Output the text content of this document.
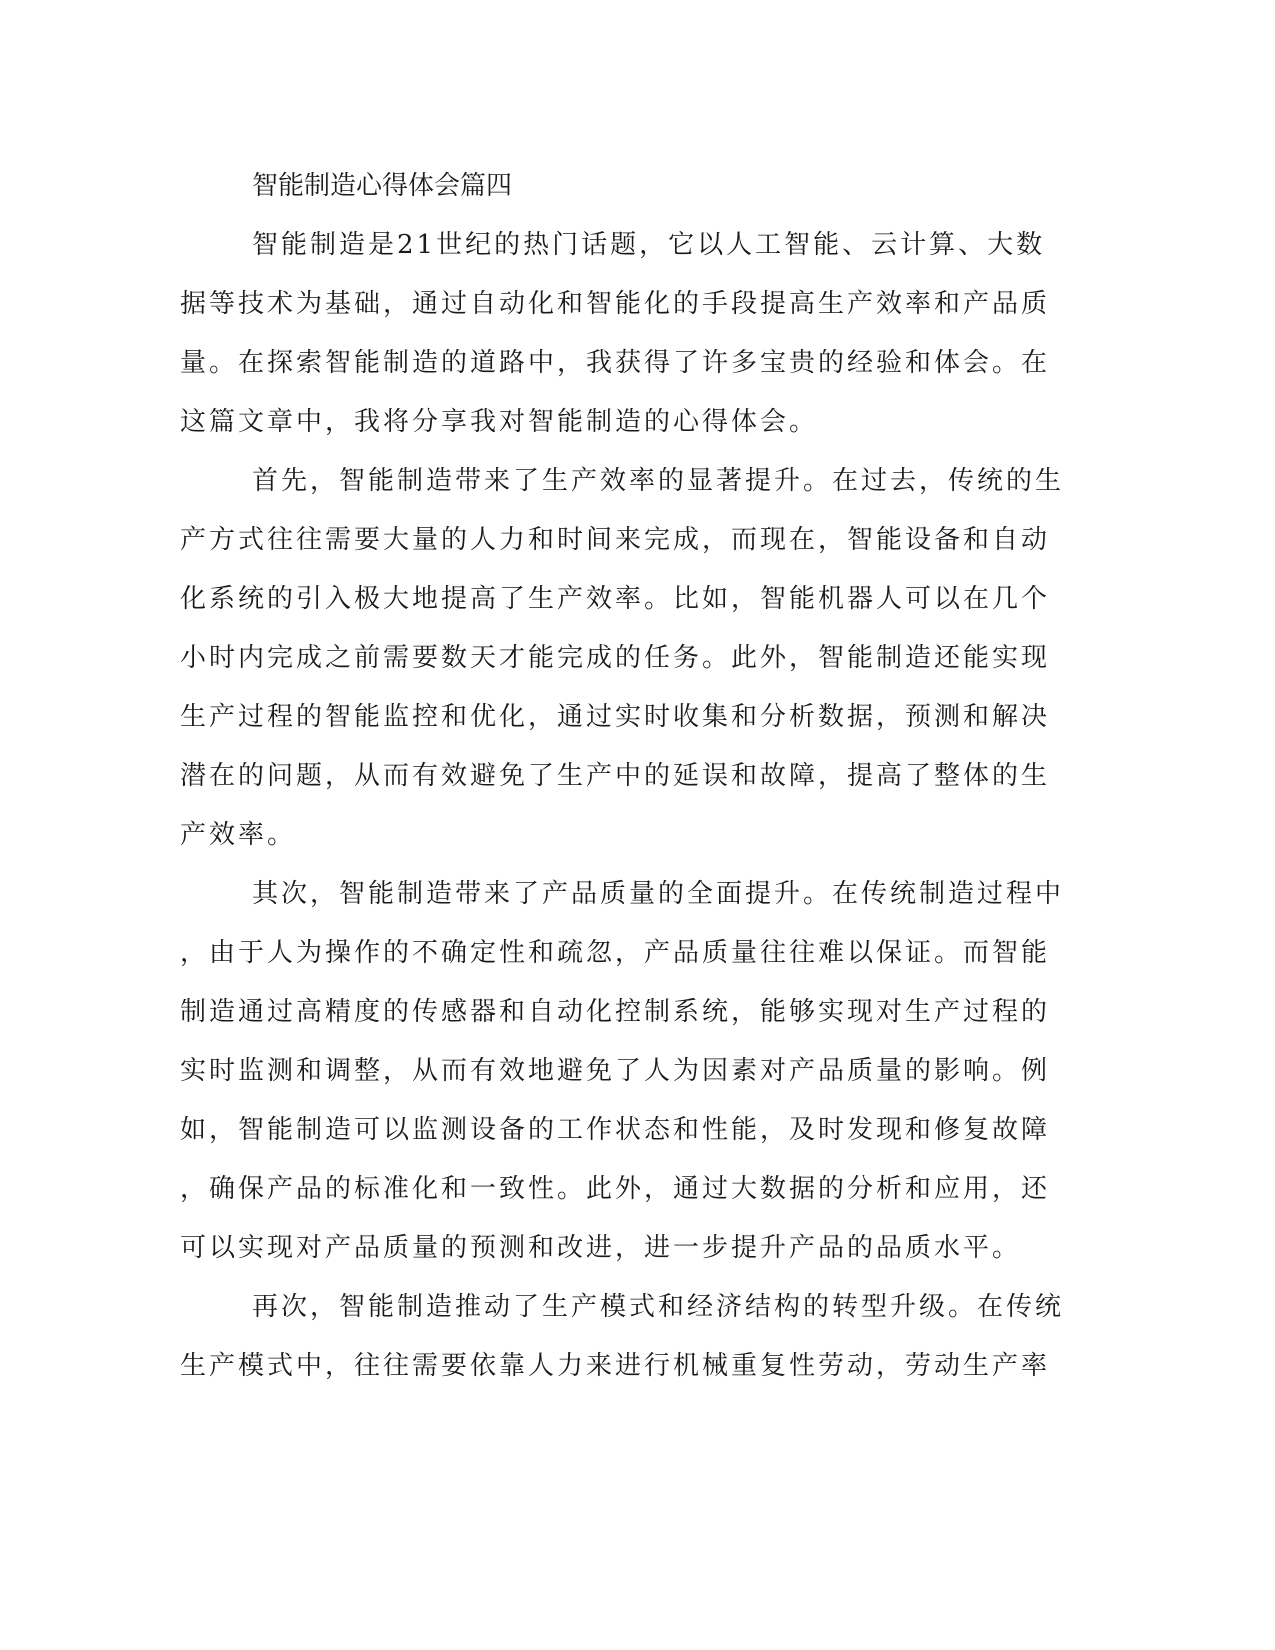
智能制造心得体会篇四

智能制造是21世纪的热门话题，它以人工智能、云计算、大数
据等技术为基础，通过自动化和智能化的手段提高生产效率和产品质
量。在探索智能制造的道路中，我获得了许多宝贵的经验和体会。在
这篇文章中，我将分享我对智能制造的心得体会。

首先，智能制造带来了生产效率的显著提升。在过去，传统的生
产方式往往需要大量的人力和时间来完成，而现在，智能设备和自动
化系统的引入极大地提高了生产效率。比如，智能机器人可以在几个
小时内完成之前需要数天才能完成的任务。此外，智能制造还能实现
生产过程的智能监控和优化，通过实时收集和分析数据，预测和解决
潜在的问题，从而有效避免了生产中的延误和故障，提高了整体的生
产效率。

其次，智能制造带来了产品质量的全面提升。在传统制造过程中
，由于人为操作的不确定性和疏忽，产品质量往往难以保证。而智能
制造通过高精度的传感器和自动化控制系统，能够实现对生产过程的
实时监测和调整，从而有效地避免了人为因素对产品质量的影响。例
如，智能制造可以监测设备的工作状态和性能，及时发现和修复故障
，确保产品的标准化和一致性。此外，通过大数据的分析和应用，还
可以实现对产品质量的预测和改进，进一步提升产品的品质水平。

再次，智能制造推动了生产模式和经济结构的转型升级。在传统
生产模式中，往往需要依靠人力来进行机械重复性劳动，劳动生产率
